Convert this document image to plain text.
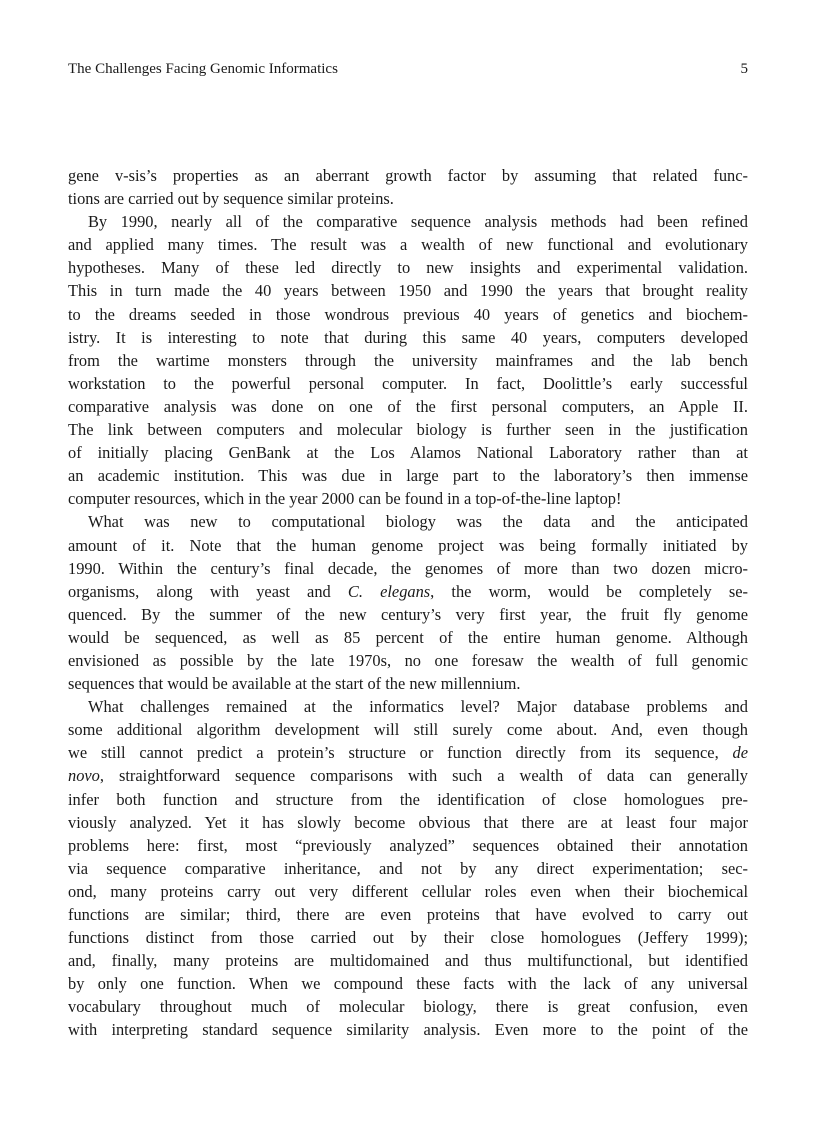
The Challenges Facing Genomic Informatics	5
gene v-sis’s properties as an aberrant growth factor by assuming that related func-
tions are carried out by sequence similar proteins.
By 1990, nearly all of the comparative sequence analysis methods had been refined
and applied many times. The result was a wealth of new functional and evolutionary
hypotheses. Many of these led directly to new insights and experimental validation.
This in turn made the 40 years between 1950 and 1990 the years that brought reality
to the dreams seeded in those wondrous previous 40 years of genetics and biochem-
istry. It is interesting to note that during this same 40 years, computers developed
from the wartime monsters through the university mainframes and the lab bench
workstation to the powerful personal computer. In fact, Doolittle’s early successful
comparative analysis was done on one of the first personal computers, an Apple II.
The link between computers and molecular biology is further seen in the justification
of initially placing GenBank at the Los Alamos National Laboratory rather than at
an academic institution. This was due in large part to the laboratory’s then immense
computer resources, which in the year 2000 can be found in a top-of-the-line laptop!
What was new to computational biology was the data and the anticipated
amount of it. Note that the human genome project was being formally initiated by
1990. Within the century’s final decade, the genomes of more than two dozen micro-
organisms, along with yeast and C. elegans, the worm, would be completely se-
quenced. By the summer of the new century’s very first year, the fruit fly genome
would be sequenced, as well as 85 percent of the entire human genome. Although
envisioned as possible by the late 1970s, no one foresaw the wealth of full genomic
sequences that would be available at the start of the new millennium.
What challenges remained at the informatics level? Major database problems and
some additional algorithm development will still surely come about. And, even though
we still cannot predict a protein’s structure or function directly from its sequence, de
novo, straightforward sequence comparisons with such a wealth of data can generally
infer both function and structure from the identification of close homologues pre-
viously analyzed. Yet it has slowly become obvious that there are at least four major
problems here: first, most “previously analyzed” sequences obtained their annotation
via sequence comparative inheritance, and not by any direct experimentation; sec-
ond, many proteins carry out very different cellular roles even when their biochemical
functions are similar; third, there are even proteins that have evolved to carry out
functions distinct from those carried out by their close homologues (Jeffery 1999);
and, finally, many proteins are multidomained and thus multifunctional, but identified
by only one function. When we compound these facts with the lack of any universal
vocabulary throughout much of molecular biology, there is great confusion, even
with interpreting standard sequence similarity analysis. Even more to the point of the
